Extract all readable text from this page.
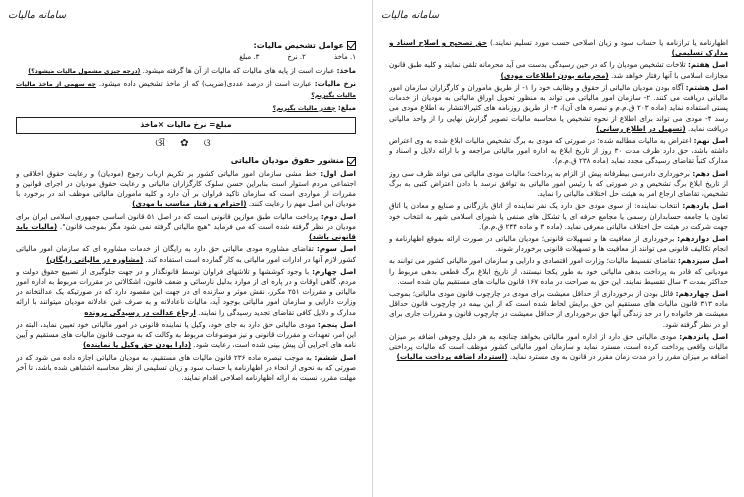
سامانه مالیات
عوامل تشخیص مالیات:
۱. ماخذ
۲. نرخ
۳. مبلغ

ماخذ: عبارت است از پایه های مالیات که مالیات از آن ها گرفته میشود. (درجه چیزی مشمول مالیات میشود؟)

نرخ مالیات: عبارت است از درصد عددی(ضریب) که از ماخذ تشخیص داده میشود. چه سهمی از ماخذ مالیات مالیات بگیریم؟

مبلغ: چقدر مالیات بگیریم؟

مبلغ= نرخ مالیات ×ماخذ
ଔ ✿ ଓ
منشور حقوق مودیان مالیاتی

اصل اول: خط مشی سازمان امور مالیاتی کشور بر تکریم ارباب رجوع (مودیان) و رعایت حقوق اخلاقی و اجتماعی مردم استوار است بنابراین حسن سلوک کارگزاران مالیاتی و رعایت حقوق مودیان در اجرای قوانین و مقررات از مواردی است که سازمان تاکید فراوان بر آن دارد و کلیه ماموران مالیاتی موظف اند در برخورد با مودیان این اصل مهم را رعایت کنند. (احترام و رفتار مناسب با مودی)

اصل دوم: پرداخت مالیات طبق موازین قانونی است که در اصل ۵۱ قانون اساسی جمهوری اسلامی ایران برای مودیان در نظر گرفته شده است که می فرماید "هیچ مالیاتی گرفته نمی شود مگر بموجب قانون". (مالیات باید قانونی باشد)

اصل سوم: تقاضای مشاوره مودی مالیاتی حق دارد به رایگان از خدمات مشاوره ای که سازمان امور مالیاتی کشور لازم آنها در ادارات امور مالیاتی به کار گمارده است استفاده کند. (مشاوره در مالیاتی رایگان)

اصل چهارم: با وجود کوششها و تلاشهای فراوان توسط قانونگذار و در جهت جلوگیری از تضییع حقوق دولت و مردم، گاهی اوقات و در پاره ای از موارد بدلیل نارسائی و ضعف قانون، اشکالاتی در مقررات مربوط به اداره امور مالیاتی و مقررات ۲۵۱ مکرر، نقش موثر و سازنده ای در جهت این مقصود دارد که در صورتیکه یک عدالتخانه در وزارت دارایی و سازمان امور مالیاتی بوجود آید، مالیات ناعادلانه و به صرف غبن عادلانه مودیان میتوانند با ارائه مدارک و دلایل کافی تقاضای تجدید رسیدگی را نمایند. ارجاع عدالت در رسیدگی پرونده

اصل پنجم: مودی مالیاتی حق دارد به جای خود، وکیل یا نماینده قانونی در امور مالیاتی خود تعیین نماید، البته در این امر، تعهدات و مقررات قانونی و نیز موضوعات مربوط به وکالت که به موجب قانون مالیات های مستقیم و آیین نامه های اجرایی آن پیش بینی شده است، رعایت شود. (دارا بودن حق وکیل یا نماینده)

اصل ششم: به موجب تبصره ماده ۲۳۶ قانون مالیات های مستقیم، به مودیان مالیاتی اجازه داده می شود که در صورتی که به نحوی از انحاء در اظهارنامه یا حساب سود و زیان تسلیمی از نظر محاسبه اشتباهی شده باشد، تا آخر مهلت مقرر، نسبت به ارائه اظهارنامه اصلاحی اقدام نمایند.

سامانه مالیات

اظهارنامه یا ترازنامه یا حساب سود و زیان اصلاحی حسب مورد تسلیم نمایند.) حق تصحیح و اصلاح اسناد و مدارک تسلیمی)

اصل هفتم: تلاخات تشخیص مودیان را که در حین رسیدگی بدست می آید محرمانه تلقی نمایند و کلیه طبق قانون مجازات اسلامی با آنها رفتار خواهد شد. (محرمانه بودن اطلاعات مودی)

اصل هشتم: آگاه بودن مودیان مالیاتی از حقوق و وظایف خود را ۱- از طریق ماموران و کارگزاران سازمان امور مالیاتی دریافت می کنند. ۲- سازمان امور مالیاتی می تواند به منظور تحویل اوراق مالیاتی به مودیان از خدمات پستی استفاده نماید (ماده ۲۰۳ ق.م.م و تبصره های آن)، ۳- از طریق روزنامه های کثیرالانتشار به اطلاع مودی می رسد ۴- مودی می تواند برای اطلاع از نحوه تشخیص یا محاسبه مالیات تصویر گزارش نهایی را از واحد مالیاتی دریافت نماید. (تسهیل در اطلاع رسانی)

اصل نهم: اعتراض به مالیات مطالبه شده؛ در صورتی که مودی به برگ تشخیص مالیات ابلاغ شده به وی اعتراض داشته باشد، حق دارد ظرف مدت ۳۰ روز از تاریخ ابلاغ به اداره امور مالیاتی مراجعه و با ارائه دلایل و اسناد و مدارک کتباً تقاضای رسیدگی مجدد نماید (ماده ۲۳۸ ق.م.م).

اصل دهم: برخورداری دادرسی بیطرفانه پیش از الزام به پرداخت؛ مالیات مودی مالیاتی می تواند ظرف سی روز از تاریخ ابلاغ برگ تشخیص و در صورتی که با رئیس امور مالیاتی به توافق نرسد با دادن اعتراض کتبی به برگ تشخیص، تقاضای ارجاع امر به هیئت حل اختلاف مالیاتی را نماید.

اصل یازدهم: انتخاب نماینده: از سوی مودی حق دارد یک نفر نماینده از اتاق بازرگانی و صنایع و معادن یا اتاق تعاون یا جامعه حسابداران رسمی یا مجامع حرفه ای یا تشکل های صنفی یا شورای اسلامی شهر به انتخاب خود جهت شرکت در هیئت حل اختلاف مالیاتی معرفی نماید. (ماده ۳ و ماده ۲۴۴ ق.م.م).

اصل دوازدهم: برخورداری از معافیت ها و تسهیلات قانونی؛ مودیان مالیاتی در صورت ارائه بموقع اظهارنامه و انجام تکالیف قانونی می توانند از معافیت ها و تسهیلات قانونی برخوردار شوند.

اصل سیزدهم: تقاضای تقسیط مالیات؛ وزارت امور اقتصادی و دارایی و سازمان امور مالیاتی کشور می توانند به مودیانی که قادر به پرداخت بدهی مالیاتی خود به طور یکجا نیستند، از تاریخ ابلاغ برگ قطعی بدهی مربوط را حداکثر بمدت ۳ سال تقسیط نمایند. این حق به صراحت در ماده ۱۶۷ قانون مالیات های مستقیم بیان شده است.

اصل چهاردهم: قائل بودن از برخورداری از حداقل معیشت برای مودی در چارچوب قانون مودی مالیاتی؛ بموجب ماده ۳۱۳ قانون مالیات های مستقیم این حق برایش لحاظ شده است که از این بیمه در چارچوب قانون حداقل معیشت هر خانواده را در حد زندگی آنها حق برخورداری از حداقل معیشت در چارچوب قانون و مقررات جاری برای او در نظر گرفته شود.

اصل پانزدهم: مودی مالیاتی حق دارد از اداره امور مالیاتی بخواهد چنانچه به هر دلیل وجوهی اضافه بر میزان مالیات واقعی پرداخت کرده است، مسترد نماید و سازمان امور مالیاتی کشور موظف است که مالیات پرداختی اضافه بر میزان مقرر را در مدت زمان مقرر در قانون به وی مسترد نماید. (استرداد اضافه پرداخت مالیات)
